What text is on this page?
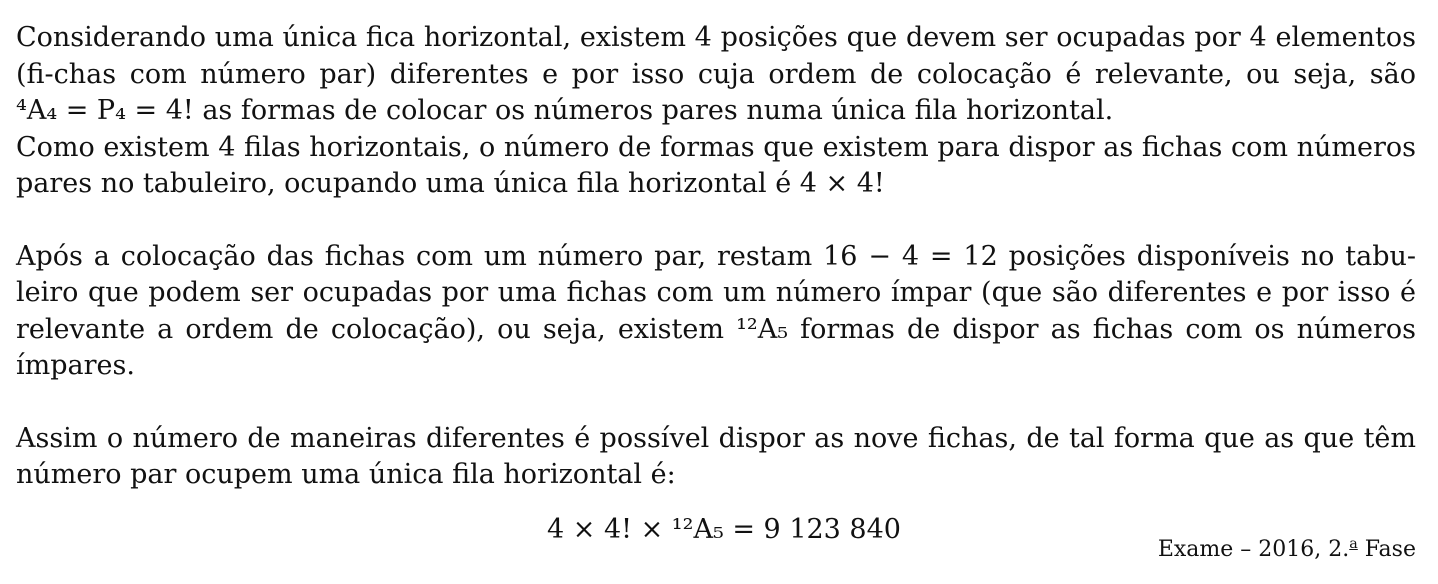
Considerando uma única fica horizontal, existem 4 posições que devem ser ocupadas por 4 elementos (fi-chas com número par) diferentes e por isso cuja ordem de colocação é relevante, ou seja, são ⁴A₄ = P₄ = 4! as formas de colocar os números pares numa única fila horizontal.

Como existem 4 filas horizontais, o número de formas que existem para dispor as fichas com números pares no tabuleiro, ocupando uma única fila horizontal é 4 × 4!

Após a colocação das fichas com um número par, restam 16 − 4 = 12 posições disponíveis no tabu-leiro que podem ser ocupadas por uma fichas com um número ímpar (que são diferentes e por isso é relevante a ordem de colocação), ou seja, existem ¹²A₅ formas de dispor as fichas com os números ímpares.

Assim o número de maneiras diferentes é possível dispor as nove fichas, de tal forma que as que têm número par ocupem uma única fila horizontal é:

4 × 4! × ¹²A₅ = 9 123 840
Exame – 2016, 2.$^a$ Fase
